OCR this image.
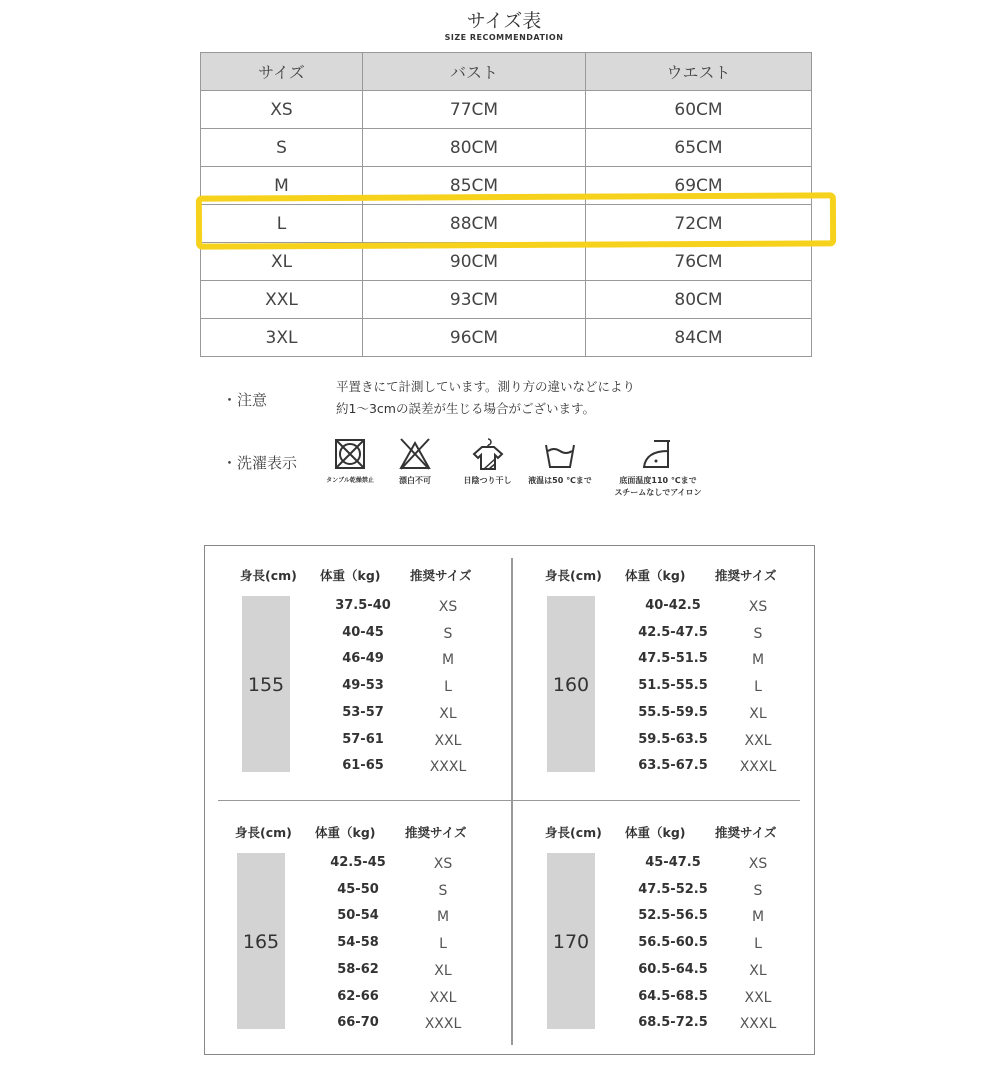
サイズ表
SIZE RECOMMENDATION
サイズ	バスト	ウエスト
XS	77CM	60CM
S	80CM	65CM
M	85CM	69CM
L	88CM	72CM
XL	90CM	76CM
XXL	93CM	80CM
3XL	96CM	84CM
・注意
平置きにて計測しています。測り方の違いなどにより
約1〜3cmの誤差が生じる場合がございます。
・洗濯表示
タンブル乾燥禁止	漂白不可	日陰つり干し	液温は50 ℃まで	底面温度110 ℃まで
スチームなしでアイロン
身長(cm) 体重（kg) 推奨サイズ
155
37.5-40	XS
40-45	S
46-49	M
49-53	L
53-57	XL
57-61	XXL
61-65	XXXL
身長(cm) 体重（kg) 推奨サイズ
160
40-42.5	XS
42.5-47.5	S
47.5-51.5	M
51.5-55.5	L
55.5-59.5	XL
59.5-63.5	XXL
63.5-67.5	XXXL
身長(cm) 体重（kg) 推奨サイズ
165
42.5-45	XS
45-50	S
50-54	M
54-58	L
58-62	XL
62-66	XXL
66-70	XXXL
身長(cm) 体重（kg) 推奨サイズ
170
45-47.5	XS
47.5-52.5	S
52.5-56.5	M
56.5-60.5	L
60.5-64.5	XL
64.5-68.5	XXL
68.5-72.5	XXXL
